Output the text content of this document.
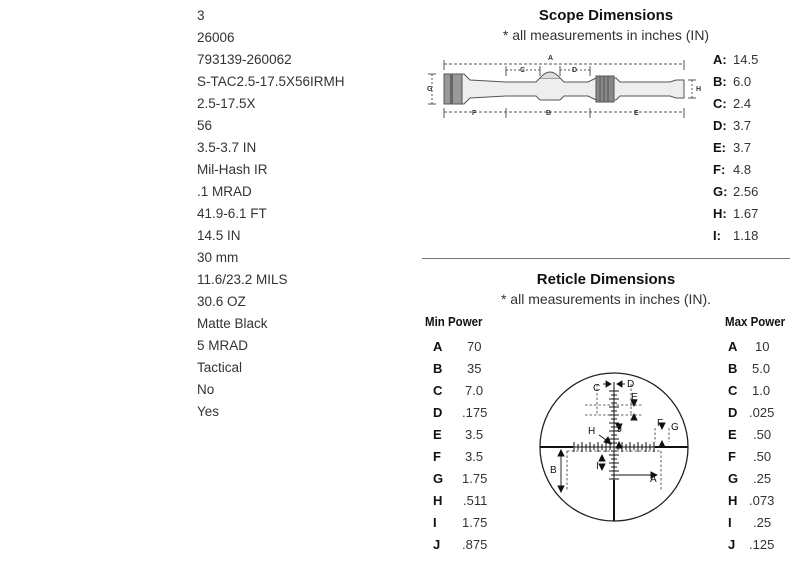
3
26006
793139-260062
S-TAC2.5-17.5X56IRMH
2.5-17.5X
56
3.5-3.7 IN
Mil-Hash IR
.1 MRAD
41.9-6.1 FT
14.5 IN
30 mm
11.6/23.2 MILS
30.6 OZ
Matte Black
5 MRAD
Tactical
No
Yes
Scope Dimensions
* all measurements in inches (IN)
A
C	D
G	H
F	B	E
A: 14.5
B: 6.0
C: 2.4
D: 3.7
E: 3.7
F: 4.8
G: 2.56
H: 1.67
I: 1.18
Reticle Dimensions
* all measurements in inches (IN).
Min Power	Max Power
A 70
B 35
C 7.0
D .175
E 3.5
F 3.5
G 1.75
H .511
I 1.75
J .875
A 10
B 5.0
C 1.0
D .025
E .50
F .50
G .25
H .073
I .25
J .125
A
B
C	D
E
F G
H
I
J
